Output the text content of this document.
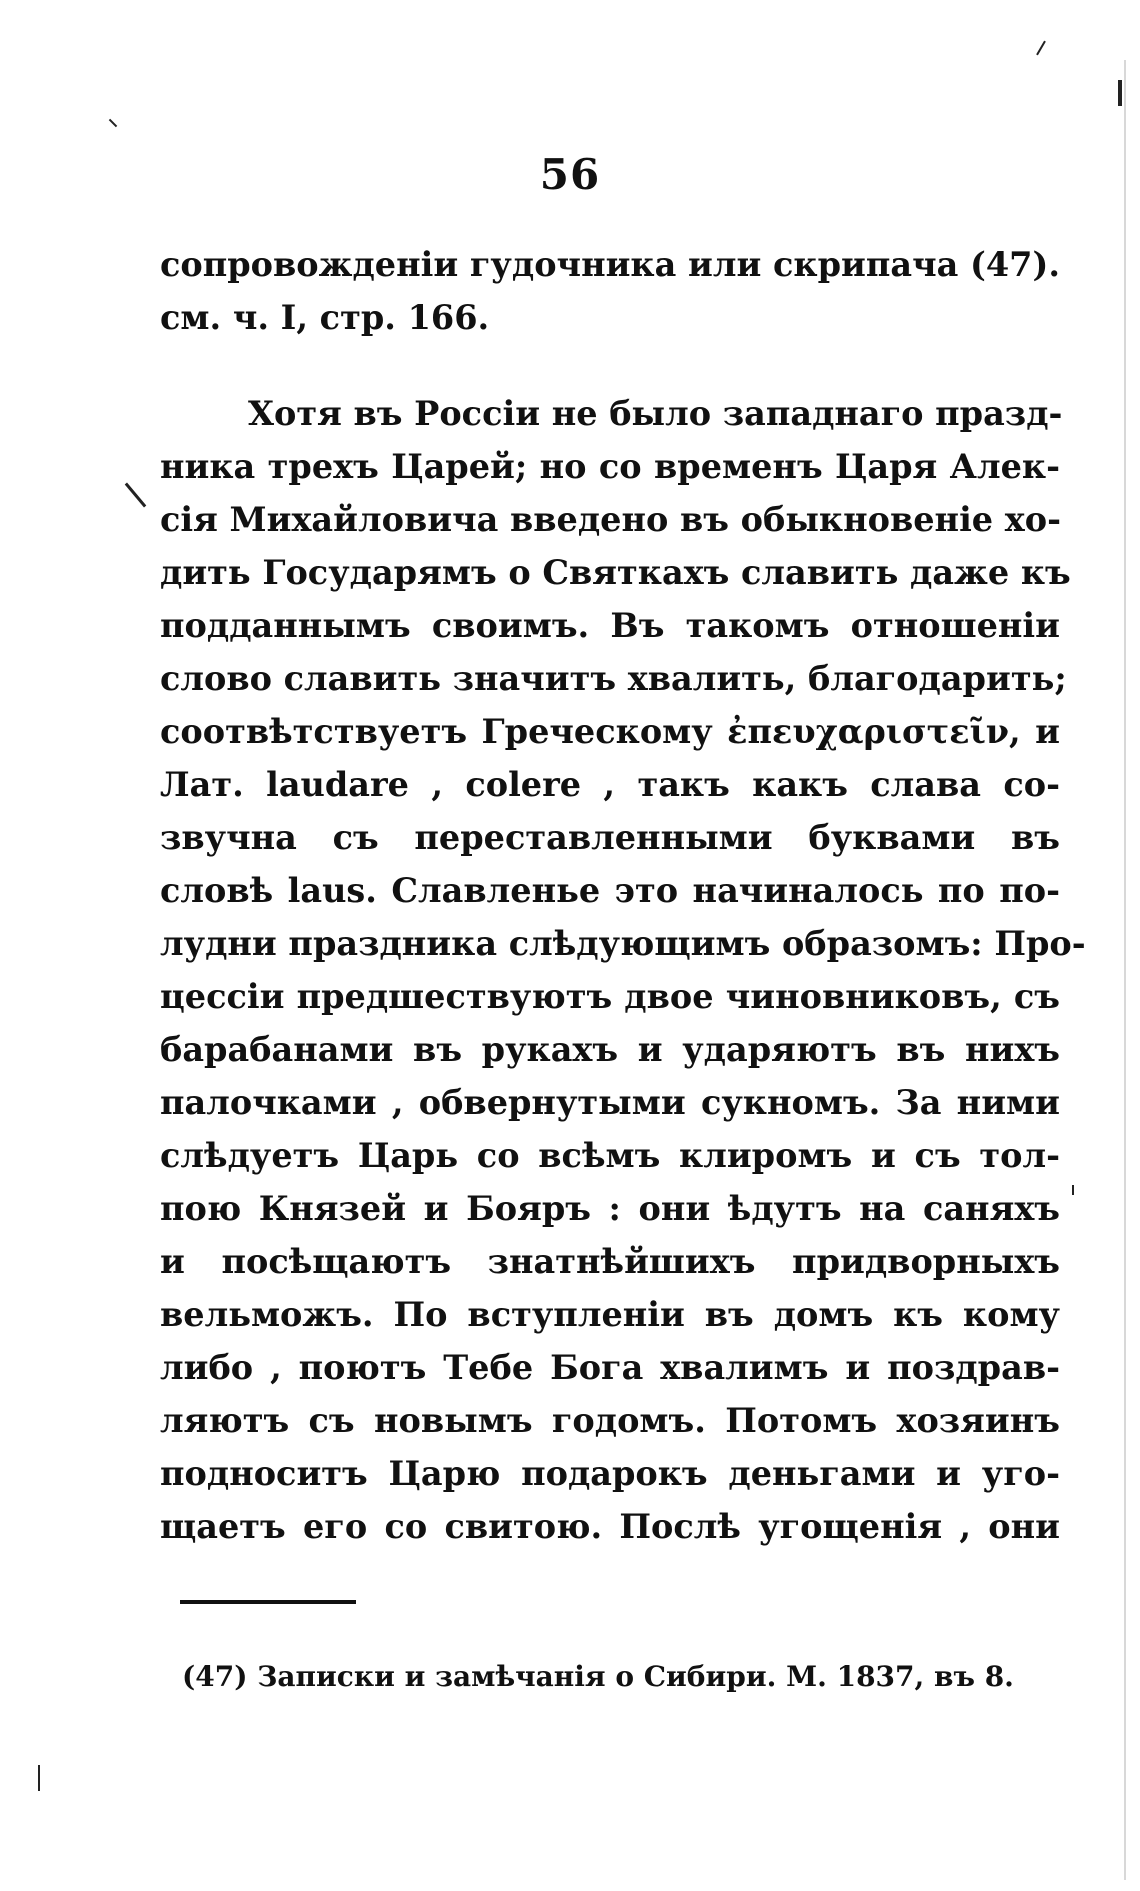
56
сопровожденіи гудочника или скрипача (47).
см. ч. I, стр. 166.
Хотя въ Россіи не было западнаго празд-
ника трехъ Царей; но со временъ Царя Алек-
сія Михайловича введено въ обыкновеніе хо-
дить Государямъ о Святкахъ славить даже къ
подданнымъ своимъ. Въ такомъ отношеніи
слово славить значитъ хвалить, благодарить;
соотвѣтствуетъ Греческому ἐπευχαριστεῖν, и
Лат. laudare , colere , такъ какъ слава со-
звучна съ переставленными буквами въ
словѣ laus. Славленье это начиналось по по-
лудни праздника слѣдующимъ образомъ: Про-
цессіи предшествуютъ двое чиновниковъ, съ
барабанами въ рукахъ и ударяютъ въ нихъ
палочками , обвернутыми сукномъ. За ними
слѣдуетъ Царь со всѣмъ клиромъ и съ тол-
пою Князей и Бояръ : они ѣдутъ на саняхъ
и посѣщаютъ знатнѣйшихъ придворныхъ
вельможъ. По вступленіи въ домъ къ кому
либо , поютъ Тебе Бога хвалимъ и поздрав-
ляютъ съ новымъ годомъ. Потомъ хозяинъ
подноситъ Царю подарокъ деньгами и уго-
щаетъ его со свитою. Послѣ угощенія , они
(47) Записки и замѣчанія о Сибири. М. 1837, въ 8.
